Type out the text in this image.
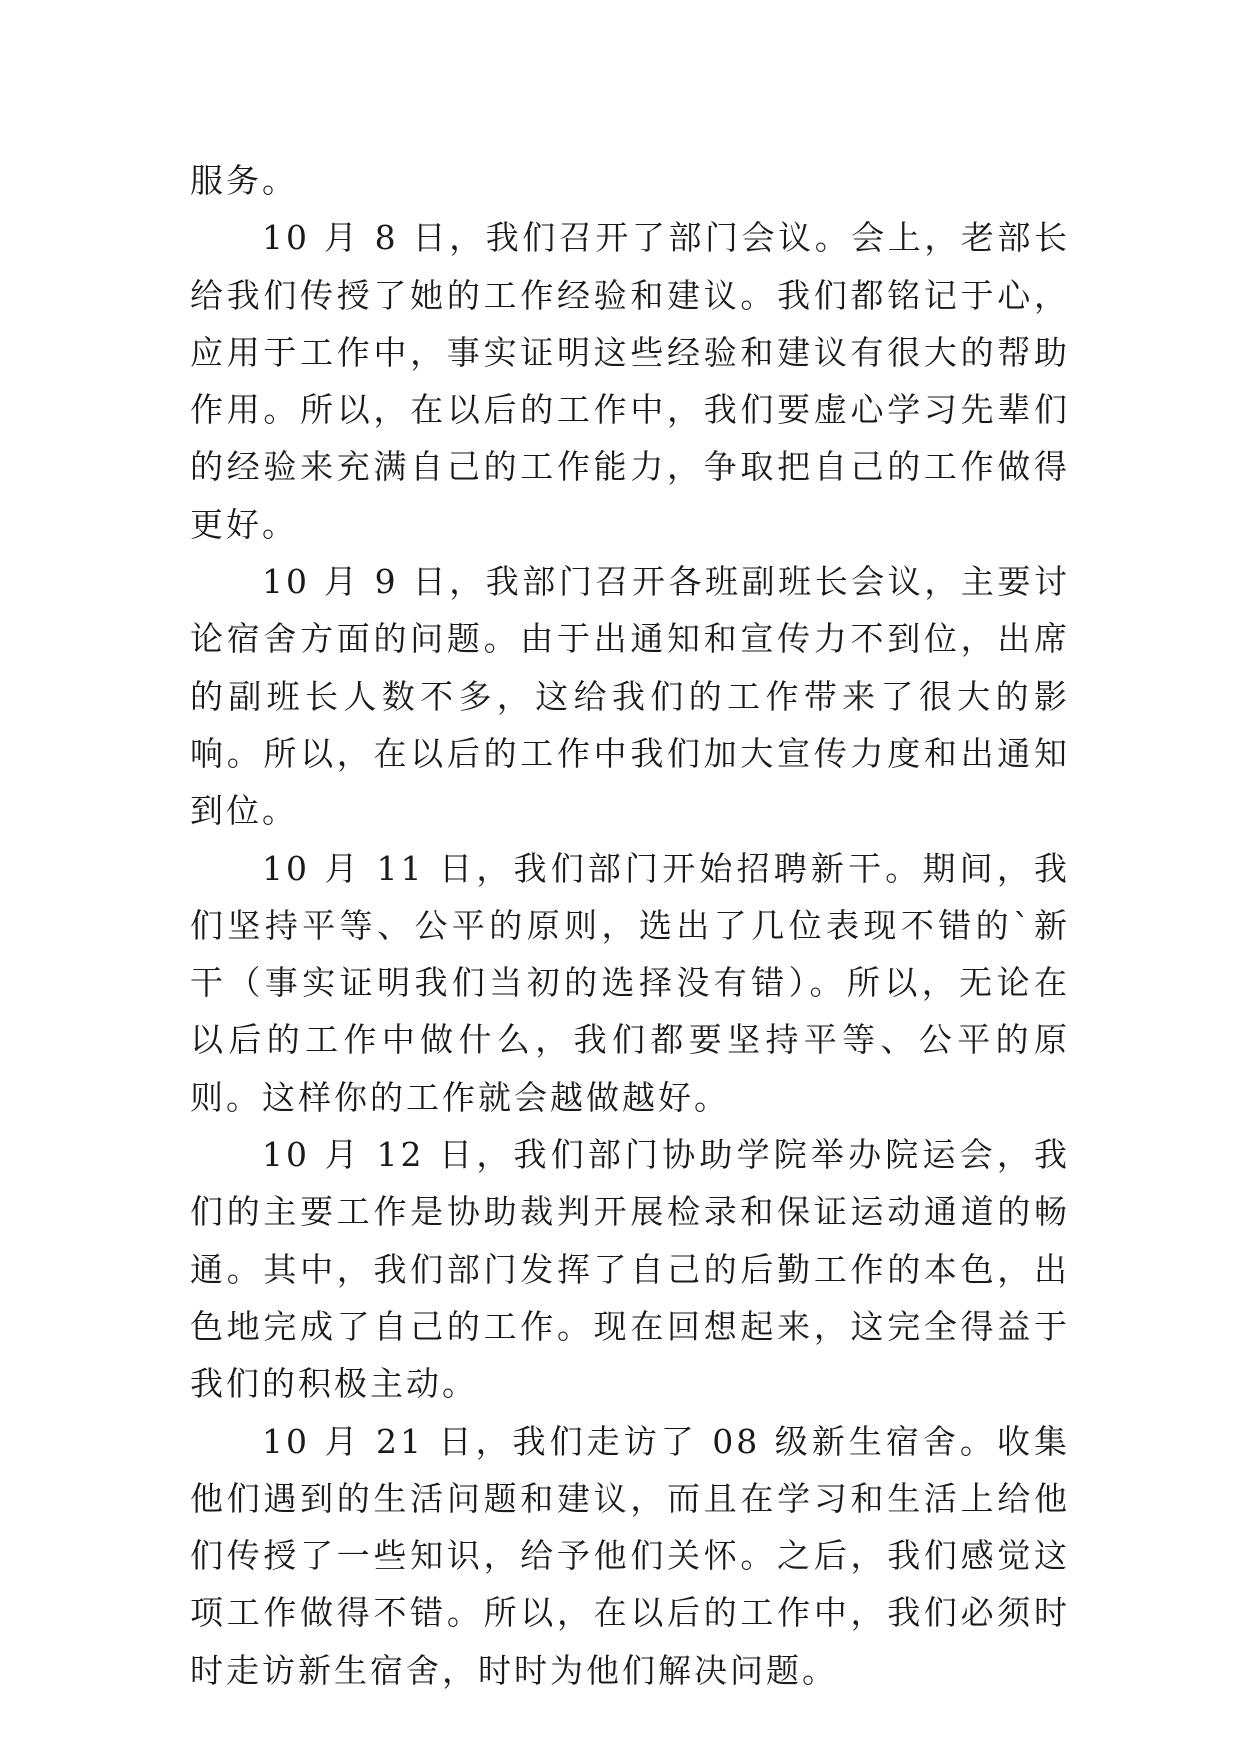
服务。

10 月 8 日，我们召开了部门会议。会上，老部长给我们传授了她的工作经验和建议。我们都铭记于心，应用于工作中，事实证明这些经验和建议有很大的帮助作用。所以，在以后的工作中，我们要虚心学习先辈们的经验来充满自己的工作能力，争取把自己的工作做得更好。

10 月 9 日，我部门召开各班副班长会议，主要讨论宿舍方面的问题。由于出通知和宣传力不到位，出席的副班长人数不多，这给我们的工作带来了很大的影响。所以，在以后的工作中我们加大宣传力度和出通知到位。

10 月 11 日，我们部门开始招聘新干。期间，我们坚持平等、公平的原则，选出了几位表现不错的`新干（事实证明我们当初的选择没有错）。所以，无论在以后的工作中做什么，我们都要坚持平等、公平的原则。这样你的工作就会越做越好。

10 月 12 日，我们部门协助学院举办院运会，我们的主要工作是协助裁判开展检录和保证运动通道的畅通。其中，我们部门发挥了自己的后勤工作的本色，出色地完成了自己的工作。现在回想起来，这完全得益于我们的积极主动。

10 月 21 日，我们走访了 08 级新生宿舍。收集他们遇到的生活问题和建议，而且在学习和生活上给他们传授了一些知识，给予他们关怀。之后，我们感觉这项工作做得不错。所以，在以后的工作中，我们必须时时走访新生宿舍，时时为他们解决问题。
